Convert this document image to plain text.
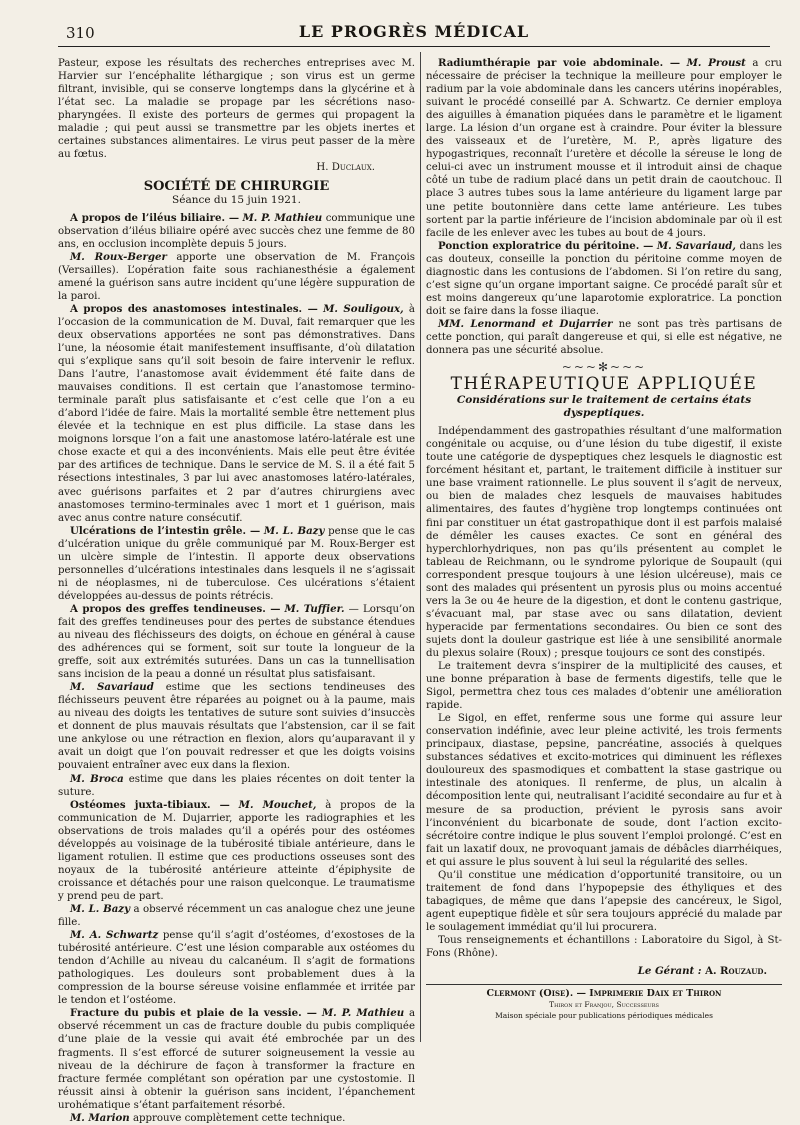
310	LE PROGRÈS MÉDICAL

Pasteur, expose les résultats des recherches entreprises avec M. Harvier sur l’encéphalite léthargique ; son virus est un germe filtrant, invisible, qui se conserve longtemps dans la glycérine et à l’état sec. La maladie se propage par les sécrétions naso-pharyngées. Il existe des porteurs de germes qui propagent la maladie ; qui peut aussi se transmettre par les objets inertes et certaines substances alimentaires. Le virus peut passer de la mère au fœtus.

H. Duclaux.
SOCIÉTÉ DE CHIRURGIE
Séance du 15 juin 1921.

A propos de l’iléus biliaire. — M. P. Mathieu communique une observation d’iléus biliaire opéré avec succès chez une femme de 80 ans, en occlusion incomplète depuis 5 jours.

M. Roux-Berger apporte une observation de M. François (Versailles). L’opération faite sous rachianesthésie a également amené la guérison sans autre incident qu’une légère suppuration de la paroi.

A propos des anastomoses intestinales. — M. Souligoux, à l’occasion de la communication de M. Duval, fait remarquer que les deux observations apportées ne sont pas démonstratives. Dans l’une, la néosomie était manifestement insuffisante, d’où dilatation qui s’explique sans qu’il soit besoin de faire intervenir le reflux. Dans l’autre, l’anastomose avait évidemment été faite dans de mauvaises conditions. Il est certain que l’anastomose termino-terminale paraît plus satisfaisante et c’est celle que l’on a eu d’abord l’idée de faire. Mais la mortalité semble être nettement plus élevée et la technique en est plus difficile. La stase dans les moignons lorsque l’on a fait une anastomose latéro-latérale est une chose exacte et qui a des inconvénients. Mais elle peut être évitée par des artifices de technique. Dans le service de M. S. il a été fait 5 résections intestinales, 3 par lui avec anastomoses latéro-latérales, avec guérisons parfaites et 2 par d’autres chirurgiens avec anastomoses termino-terminales avec 1 mort et 1 guérison, mais avec anus contre nature consécutif.

Ulcérations de l’intestin grêle. — M. L. Bazy pense que le cas d’ulcération unique du grêle communiqué par M. Roux-Berger est un ulcère simple de l’intestin. Il apporte deux observations personnelles d’ulcérations intestinales dans lesquels il ne s’agissait ni de néoplasmes, ni de tuberculose. Ces ulcérations s’étaient développées au-dessus de points rétrécis.

A propos des greffes tendineuses. — M. Tuffier. — Lorsqu’on fait des greffes tendineuses pour des pertes de substance étendues au niveau des fléchisseurs des doigts, on échoue en général à cause des adhérences qui se forment, soit sur toute la longueur de la greffe, soit aux extrémités suturées. Dans un cas la tunnellisation sans incision de la peau a donné un résultat plus satisfaisant.

M. Savariaud estime que les sections tendineuses des fléchisseurs peuvent être réparées au poignet ou à la paume, mais au niveau des doigts les tentatives de suture sont suivies d’insuccès et donnent de plus mauvais résultats que l’abstension, car il se fait une ankylose ou une rétraction en flexion, alors qu’auparavant il y avait un doigt que l’on pouvait redresser et que les doigts voisins pouvaient entraîner avec eux dans la flexion.

M. Broca estime que dans les plaies récentes on doit tenter la suture.

Ostéomes juxta-tibiaux. — M. Mouchet, à propos de la communication de M. Dujarrier, apporte les radiographies et les observations de trois malades qu’il a opérés pour des ostéomes développés au voisinage de la tubérosité tibiale antérieure, dans le ligament rotulien. Il estime que ces productions osseuses sont des noyaux de la tubérosité antérieure atteinte d’épiphysite de croissance et détachés pour une raison quelconque. Le traumatisme y prend peu de part.

M. L. Bazy a observé récemment un cas analogue chez une jeune fille.

M. A. Schwartz pense qu’il s’agit d’ostéomes, d’exostoses de la tubérosité antérieure. C’est une lésion comparable aux ostéomes du tendon d’Achille au niveau du calcanéum. Il s’agit de formations pathologiques. Les douleurs sont probablement dues à la compression de la bourse séreuse voisine enflammée et irritée par le tendon et l’ostéome.

Fracture du pubis et plaie de la vessie. — M. P. Mathieu a observé récemment un cas de fracture double du pubis compliquée d’une plaie de la vessie qui avait été embrochée par un des fragments. Il s’est efforcé de suturer soigneusement la vessie au niveau de la déchirure de façon à transformer la fracture en fracture fermée complétant son opération par une cystostomie. Il réussit ainsi à obtenir la guérison sans incident, l’épanchement urohématique s’étant parfaitement résorbé.

M. Marion approuve complètement cette technique.

Radiumthérapie par voie abdominale. — M. Proust a cru nécessaire de préciser la technique la meilleure pour employer le radium par la voie abdominale dans les cancers utérins inopérables, suivant le procédé conseillé par A. Schwartz. Ce dernier employa des aiguilles à émanation piquées dans le paramètre et le ligament large. La lésion d’un organe est à craindre. Pour éviter la blessure des vaisseaux et de l’uretère, M. P., après ligature des hypogastriques, reconnaît l’uretère et décolle la séreuse le long de celui-ci avec un instrument mousse et il introduit ainsi de chaque côté un tube de radium placé dans un petit drain de caoutchouc. Il place 3 autres tubes sous la lame antérieure du ligament large par une petite boutonnière dans cette lame antérieure. Les tubes sortent par la partie inférieure de l’incision abdominale par où il est facile de les enlever avec les tubes au bout de 4 jours.

Ponction exploratrice du péritoine. — M. Savariaud, dans les cas douteux, conseille la ponction du péritoine comme moyen de diagnostic dans les contusions de l’abdomen. Si l’on retire du sang, c’est signe qu’un organe important saigne. Ce procédé paraît sûr et est moins dangereux qu’une laparotomie exploratrice. La ponction doit se faire dans la fosse iliaque.

MM. Lenormand et Dujarrier ne sont pas très partisans de cette ponction, qui paraît dangereuse et qui, si elle est négative, ne donnera pas une sécurité absolue.

~~~✻~~~
THÉRAPEUTIQUE APPLIQUÉE
Considérations sur le traitement de certains états dyspeptiques.

Indépendamment des gastropathies résultant d’une malformation congénitale ou acquise, ou d’une lésion du tube digestif, il existe toute une catégorie de dyspeptiques chez lesquels le diagnostic est forcément hésitant et, partant, le traitement difficile à instituer sur une base vraiment rationnelle. Le plus souvent il s’agit de nerveux, ou bien de malades chez lesquels de mauvaises habitudes alimentaires, des fautes d’hygiène trop longtemps continuées ont fini par constituer un état gastropathique dont il est parfois malaisé de démêler les causes exactes. Ce sont en général des hyperchlorhydriques, non pas qu’ils présentent au complet le tableau de Reichmann, ou le syndrome pylorique de Soupault (qui correspondent presque toujours à une lésion ulcéreuse), mais ce sont des malades qui présentent un pyrosis plus ou moins accentué vers la 3e ou 4e heure de la digestion, et dont le contenu gastrique, s’évacuant mal, par stase avec ou sans dilatation, devient hyperacide par fermentations secondaires. Ou bien ce sont des sujets dont la douleur gastrique est liée à une sensibilité anormale du plexus solaire (Roux) ; presque toujours ce sont des constipés.

Le traitement devra s’inspirer de la multiplicité des causes, et une bonne préparation à base de ferments digestifs, telle que le Sigol, permettra chez tous ces malades d’obtenir une amélioration rapide.

Le Sigol, en effet, renferme sous une forme qui assure leur conservation indéfinie, avec leur pleine activité, les trois ferments principaux, diastase, pepsine, pancréatine, associés à quelques substances sédatives et excito-motrices qui diminuent les réflexes douloureux des spasmodiques et combattent la stase gastrique ou intestinale des atoniques. Il renferme, de plus, un alcalin à décomposition lente qui, neutralisant l’acidité secondaire au fur et à mesure de sa production, prévient le pyrosis sans avoir l’inconvénient du bicarbonate de soude, dont l’action excito-sécrétoire contre indique le plus souvent l’emploi prolongé. C’est en fait un laxatif doux, ne provoquant jamais de débâcles diarrhéiques, et qui assure le plus souvent à lui seul la régularité des selles.

Qu’il constitue une médication d’opportunité transitoire, ou un traitement de fond dans l’hypopepsie des éthyliques et des tabagiques, de même que dans l’apepsie des cancéreux, le Sigol, agent eupeptique fidèle et sûr sera toujours apprécié du malade par le soulagement immédiat qu’il lui procurera.

Tous renseignements et échantillons : Laboratoire du Sigol, à St-Fons (Rhône).

Le Gérant : A. Rouzaud.
Clermont (Oise). — Imprimerie Daix et Thiron
Thiron et Franjou, Successeurs
Maison spéciale pour publications périodiques médicales
